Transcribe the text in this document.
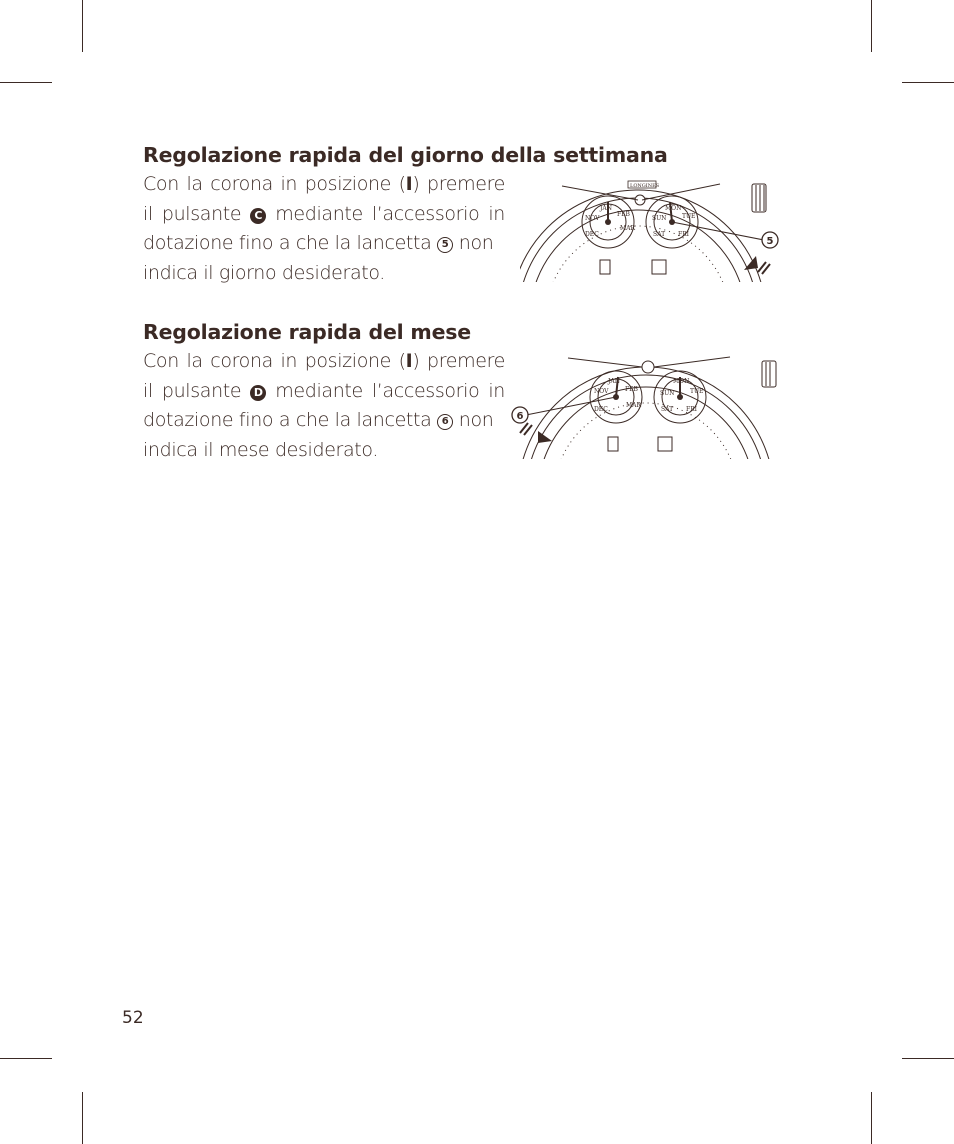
Regolazione rapida del giorno della settimana

Con la corona in posizione (I) premere il pulsante C mediante l’accessorio in dotazione fino a che la lancetta 5 non
indica il giorno desiderato.

JAN
FEB
MAR
NOV
DEC
MON
TUE
SUN
SAT FRI
LONGINES
5
Regolazione rapida del mese

Con la corona in posizione (I) premere il pulsante D mediante l’accessorio in dotazione fino a che la lancetta 6 non
indica il mese desiderato.

JAN
FEB
MAR
NOV
DEC
MON
TUE
SUN
SAT FRI
6
52
